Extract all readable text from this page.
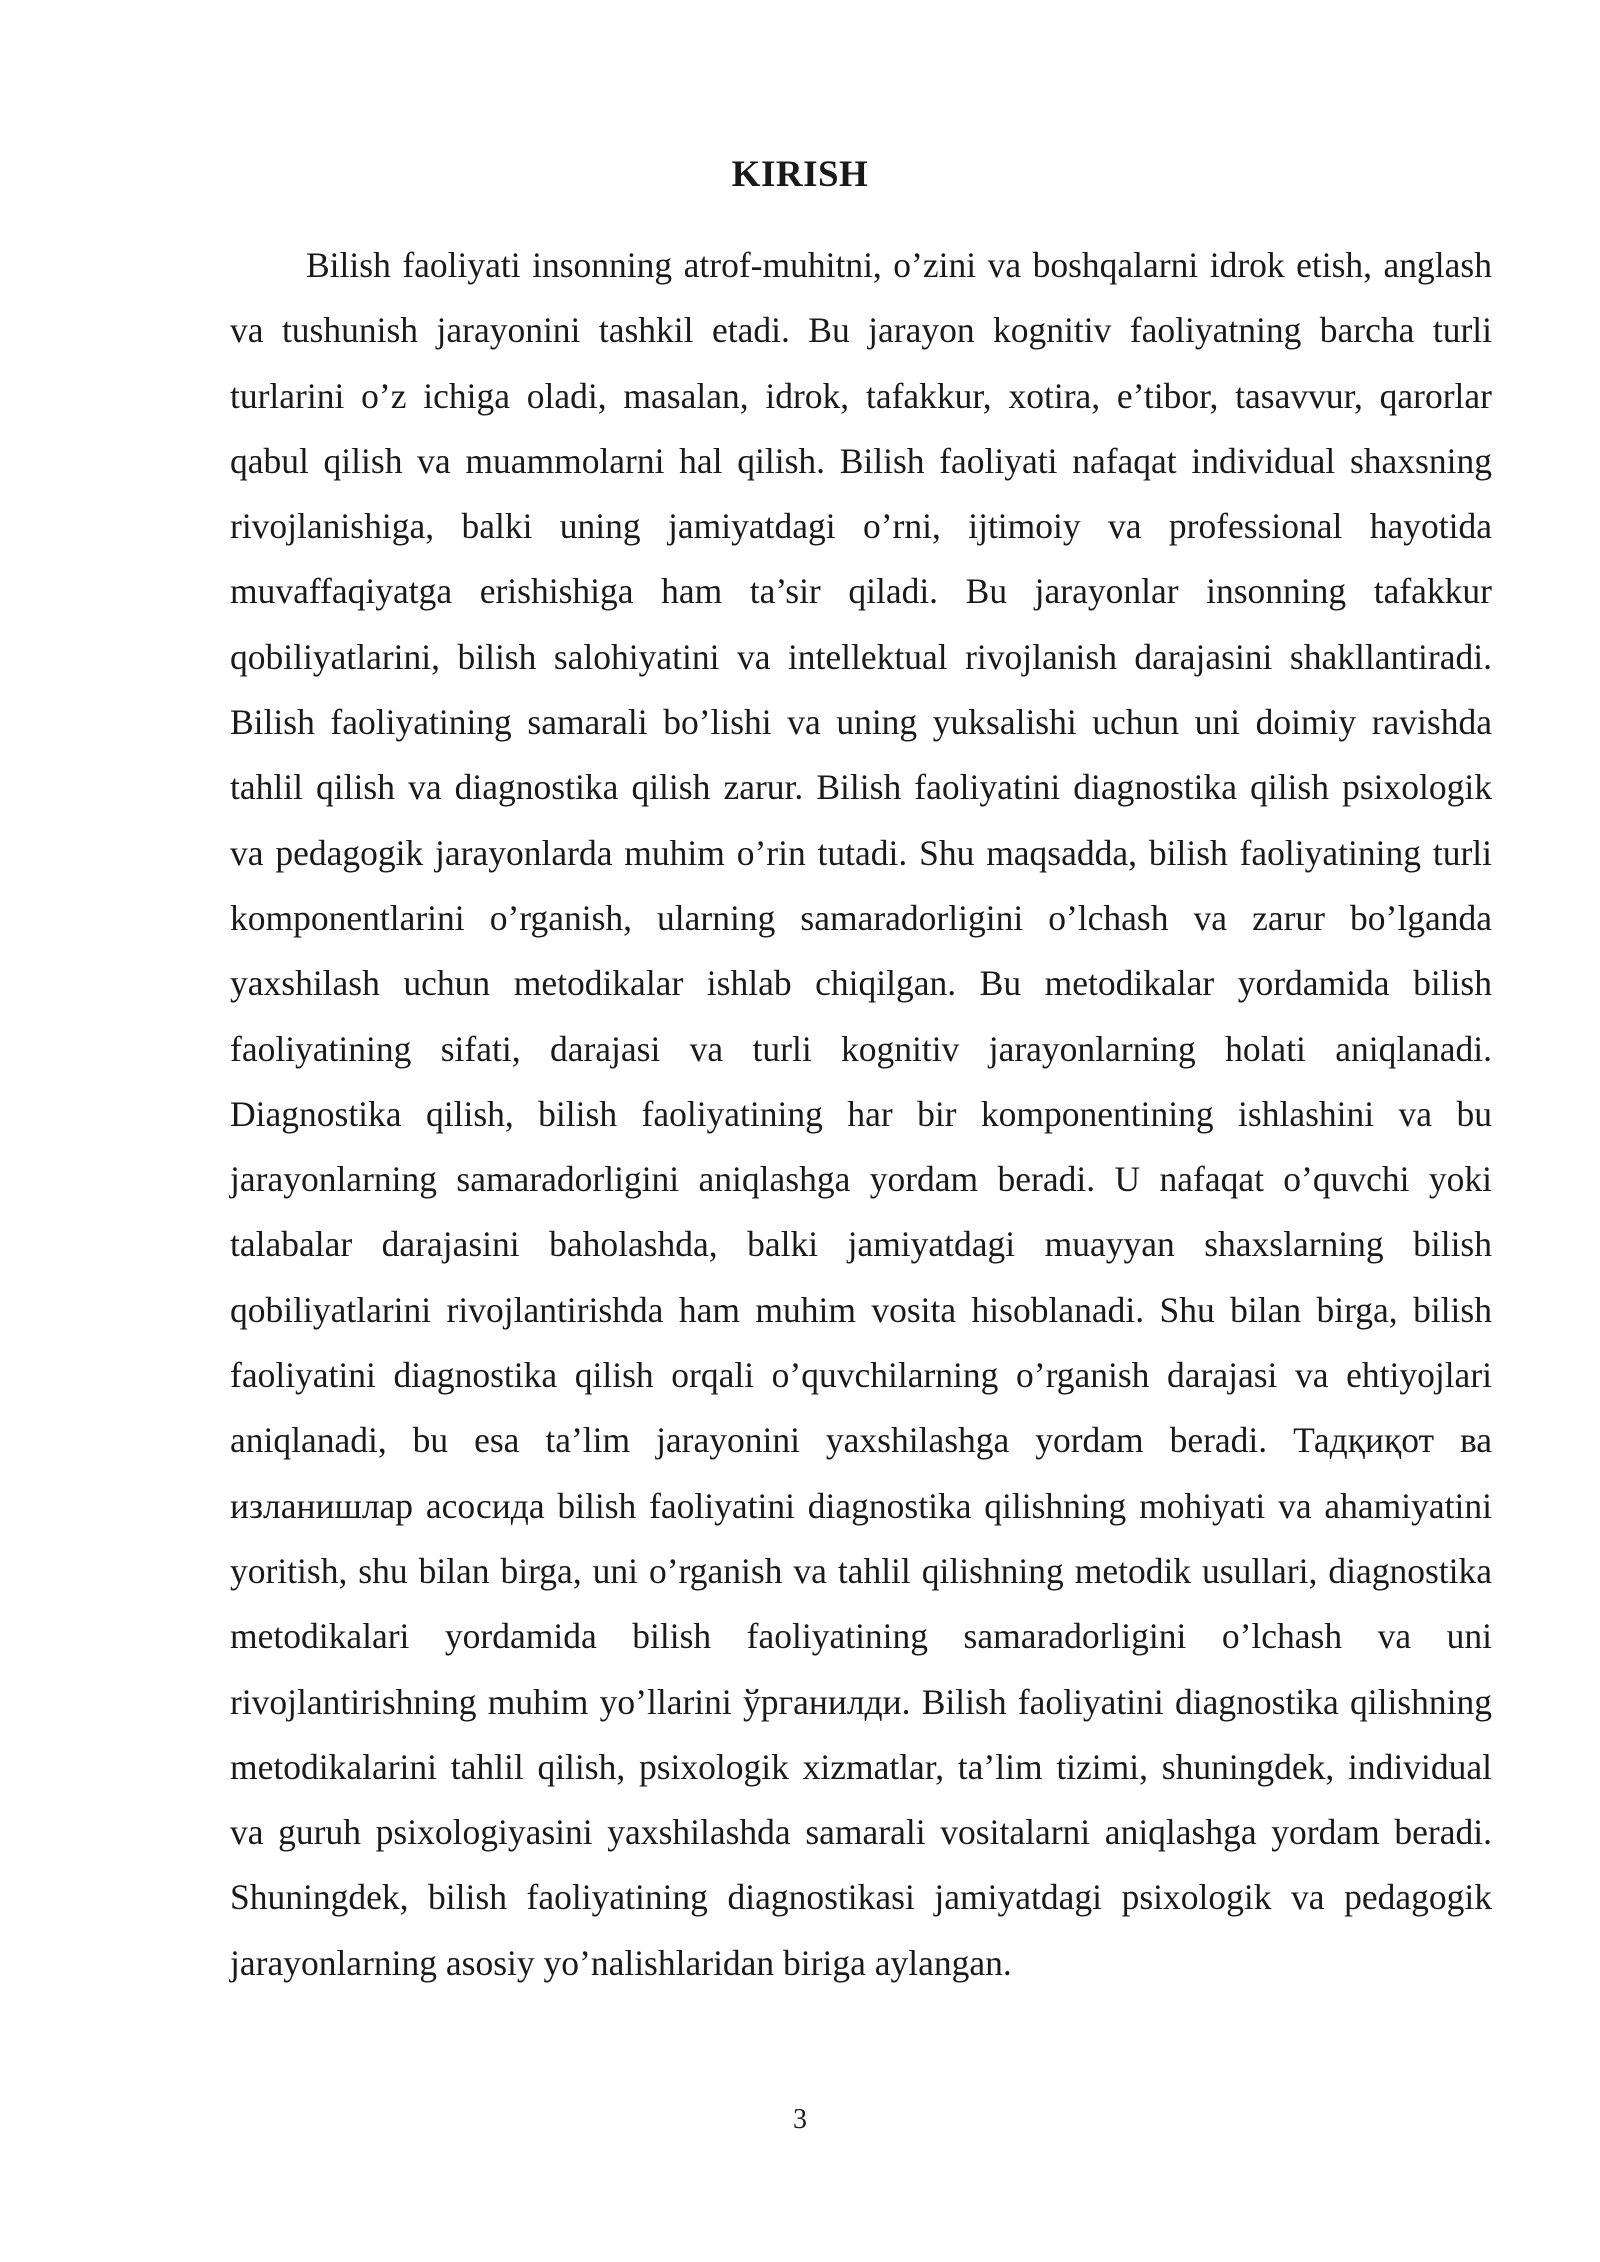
KIRISH

Bilish faoliyati insonning atrof-muhitni, o’zini va boshqalarni idrok etish, anglash va tushunish jarayonini tashkil etadi. Bu jarayon kognitiv faoliyatning barcha turli turlarini o’z ichiga oladi, masalan, idrok, tafakkur, xotira, e’tibor, tasavvur, qarorlar qabul qilish va muammolarni hal qilish. Bilish faoliyati nafaqat individual shaxsning rivojlanishiga, balki uning jamiyatdagi o’rni, ijtimoiy va professional hayotida muvaffaqiyatga erishishiga ham ta’sir qiladi. Bu jarayonlar insonning tafakkur qobiliyatlarini, bilish salohiyatini va intellektual rivojlanish darajasini shakllantiradi. Bilish faoliyatining samarali bo’lishi va uning yuksalishi uchun uni doimiy ravishda tahlil qilish va diagnostika qilish zarur. Bilish faoliyatini diagnostika qilish psixologik va pedagogik jarayonlarda muhim o’rin tutadi. Shu maqsadda, bilish faoliyatining turli komponentlarini o’rganish, ularning samaradorligini o’lchash va zarur bo’lganda yaxshilash uchun metodikalar ishlab chiqilgan. Bu metodikalar yordamida bilish faoliyatining sifati, darajasi va turli kognitiv jarayonlarning holati aniqlanadi. Diagnostika qilish, bilish faoliyatining har bir komponentining ishlashini va bu jarayonlarning samaradorligini aniqlashga yordam beradi. U nafaqat o’quvchi yoki talabalar darajasini baholashda, balki jamiyatdagi muayyan shaxslarning bilish qobiliyatlarini rivojlantirishda ham muhim vosita hisoblanadi. Shu bilan birga, bilish faoliyatini diagnostika qilish orqali o’quvchilarning o’rganish darajasi va ehtiyojlari aniqlanadi, bu esa ta’lim jarayonini yaxshilashga yordam beradi. Тадқиқот ва изланишлар асосида bilish faoliyatini diagnostika qilishning mohiyati va ahamiyatini yoritish, shu bilan birga, uni o’rganish va tahlil qilishning metodik usullari, diagnostika metodikalari yordamida bilish faoliyatining samaradorligini o’lchash va uni rivojlantirishning muhim yo’llarini ўрганилди. Bilish faoliyatini diagnostika qilishning metodikalarini tahlil qilish, psixologik xizmatlar, ta’lim tizimi, shuningdek, individual va guruh psixologiyasini yaxshilashda samarali vositalarni aniqlashga yordam beradi. Shuningdek, bilish faoliyatining diagnostikasi jamiyatdagi psixologik va pedagogik jarayonlarning asosiy yo’nalishlaridan biriga aylangan.

3
